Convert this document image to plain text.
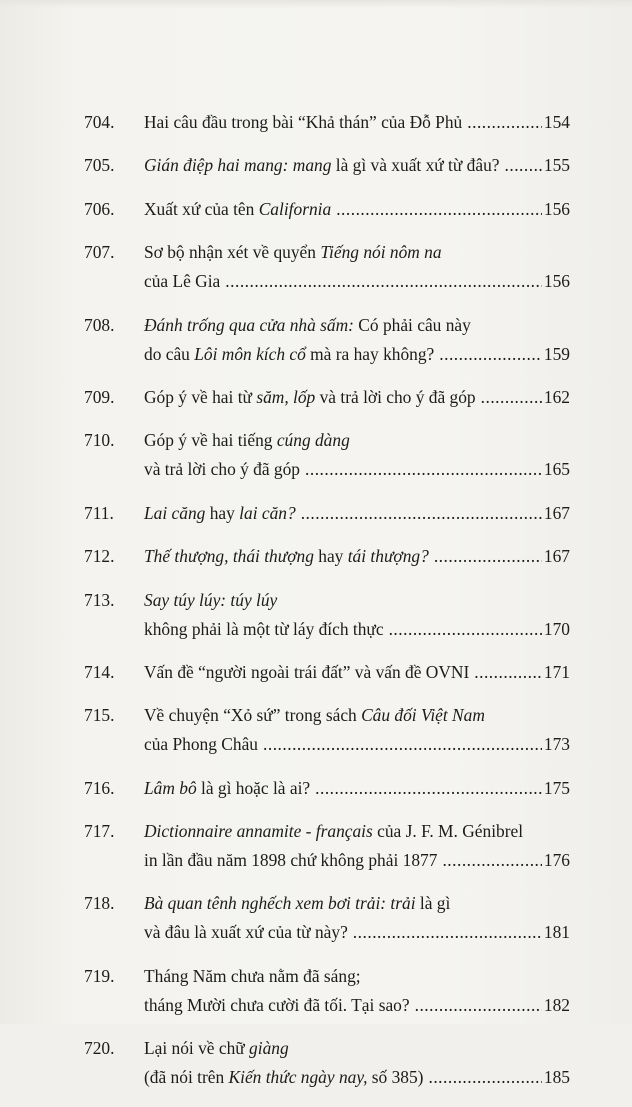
704.	Hai câu đầu trong bài “Khả thán” của Đỗ Phủ .....	154
705.	Gián điệp hai mang: mang là gì và xuất xứ từ đâu? .....	155
706.	Xuất xứ của tên California .....	156
707.	Sơ bộ nhận xét về quyển Tiếng nói nôm na
của Lê Gia .....	156
708.	Đánh trống qua cửa nhà sấm: Có phải câu này
do câu Lôi môn kích cổ mà ra hay không? .....	159
709.	Góp ý về hai từ săm, lốp và trả lời cho ý đã góp .....	162
710.	Góp ý về hai tiếng cúng dàng
và trả lời cho ý đã góp .....	165
711.	Lai căng hay lai căn? .....	167
712.	Thế thượng, thái thượng hay tái thượng? .....	167
713.	Say túy lúy: túy lúy
không phải là một từ láy đích thực .....	170
714.	Vấn đề “người ngoài trái đất” và vấn đề OVNI .....	171
715.	Về chuyện “Xỏ sứ” trong sách Câu đối Việt Nam
của Phong Châu .....	173
716.	Lâm bô là gì hoặc là ai? .....	175
717.	Dictionnaire annamite - français của J. F. M. Génibrel
in lần đầu năm 1898 chứ không phải 1877 .....	176
718.	Bà quan tênh nghếch xem bơi trải: trải là gì
và đâu là xuất xứ của từ này? .....	181
719.	Tháng Năm chưa nằm đã sáng;
tháng Mười chưa cười đã tối. Tại sao? .....	182
720.	Lại nói về chữ giàng
(đã nói trên Kiến thức ngày nay, số 385) .....	185
